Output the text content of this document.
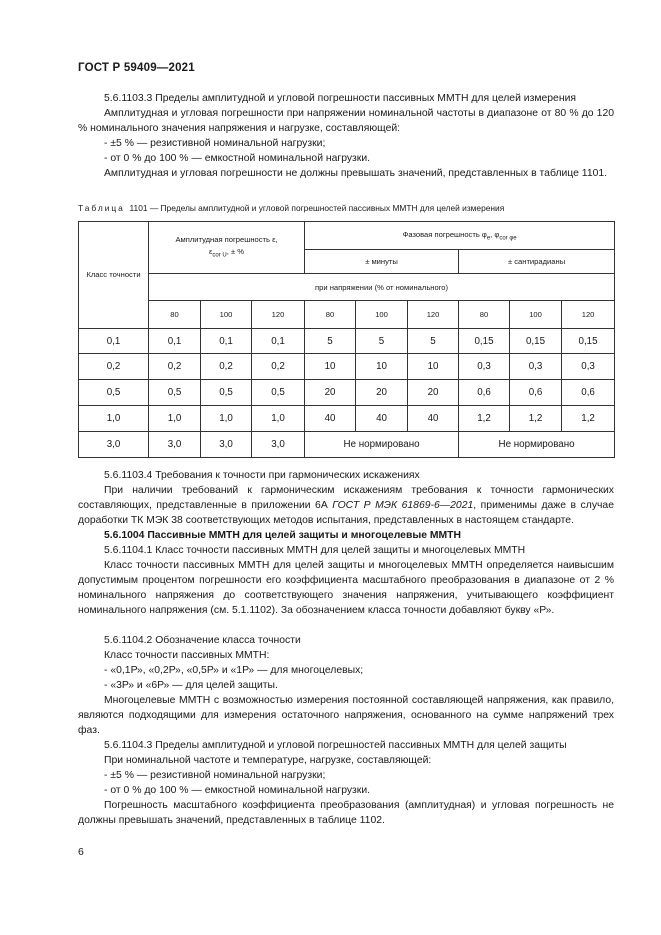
ГОСТ Р 59409—2021

5.6.1103.3 Пределы амплитудной и угловой погрешности пассивных ММТН для целей измерения

Амплитудная и угловая погрешности при напряжении номинальной частоты в диапазоне от 80 % до 120 % номинального значения напряжения и нагрузке, составляющей:

- ±5 % — резистивной номинальной нагрузки;

- от 0 % до 100 % — емкостной номинальной нагрузки.

Амплитудная и угловая погрешности не должны превышать значений, представленных в таблице 1101.

Таблица 1101 — Пределы амплитудной и угловой погрешностей пассивных ММТН для целей измерения
Класс точности	Амплитудная погрешность ε,
$\varepsilon_{cor U}$, ± %			Фазовая погрешность $\varphi_e$, $\varphi_{cor \varphi e}$
				± минуты			± сантирадианы		
	при напряжении (% от номинального)								
	80	100	120	80	100	120	80	100	120
0,1	0,1	0,1	0,1	5	5	5	0,15	0,15	0,15
0,2	0,2	0,2	0,2	10	10	10	0,3	0,3	0,3
0,5	0,5	0,5	0,5	20	20	20	0,6	0,6	0,6
1,0	1,0	1,0	1,0	40	40	40	1,2	1,2	1,2
3,0	3,0	3,0	3,0	Не нормировано			Не нормировано		

5.6.1103.4 Требования к точности при гармонических искажениях

При наличии требований к гармоническим искажениям требования к точности гармонических составляющих, представленные в приложении 6А ГОСТ Р МЭК 61869-6—2021, применимы даже в случае доработки ТК МЭК 38 соответствующих методов испытания, представленных в настоящем стандарте.

5.6.1004 Пассивные ММТН для целей защиты и многоцелевые ММТН

5.6.1104.1 Класс точности пассивных ММТН для целей защиты и многоцелевых ММТН

Класс точности пассивных ММТН для целей защиты и многоцелевых ММТН определяется наивысшим допустимым процентом погрешности его коэффициента масштабного преобразования в диапазоне от 2 % номинального напряжения до соответствующего значения напряжения, учитывающего коэффициент номинального напряжения (см. 5.1.1102). За обозначением класса точности добавляют букву «Р».

5.6.1104.2 Обозначение класса точности

Класс точности пассивных ММТН:

- «0,1Р», «0,2Р», «0,5Р» и «1Р» — для многоцелевых;

- «3Р» и «6Р» — для целей защиты.

Многоцелевые ММТН с возможностью измерения постоянной составляющей напряжения, как правило, являются подходящими для измерения остаточного напряжения, основанного на сумме напряжений трех фаз.

5.6.1104.3 Пределы амплитудной и угловой погрешностей пассивных ММТН для целей защиты

При номинальной частоте и температуре, нагрузке, составляющей:

- ±5 % — резистивной номинальной нагрузки;

- от 0 % до 100 % — емкостной номинальной нагрузки.

Погрешность масштабного коэффициента преобразования (амплитудная) и угловая погрешность не должны превышать значений, представленных в таблице 1102.

6
